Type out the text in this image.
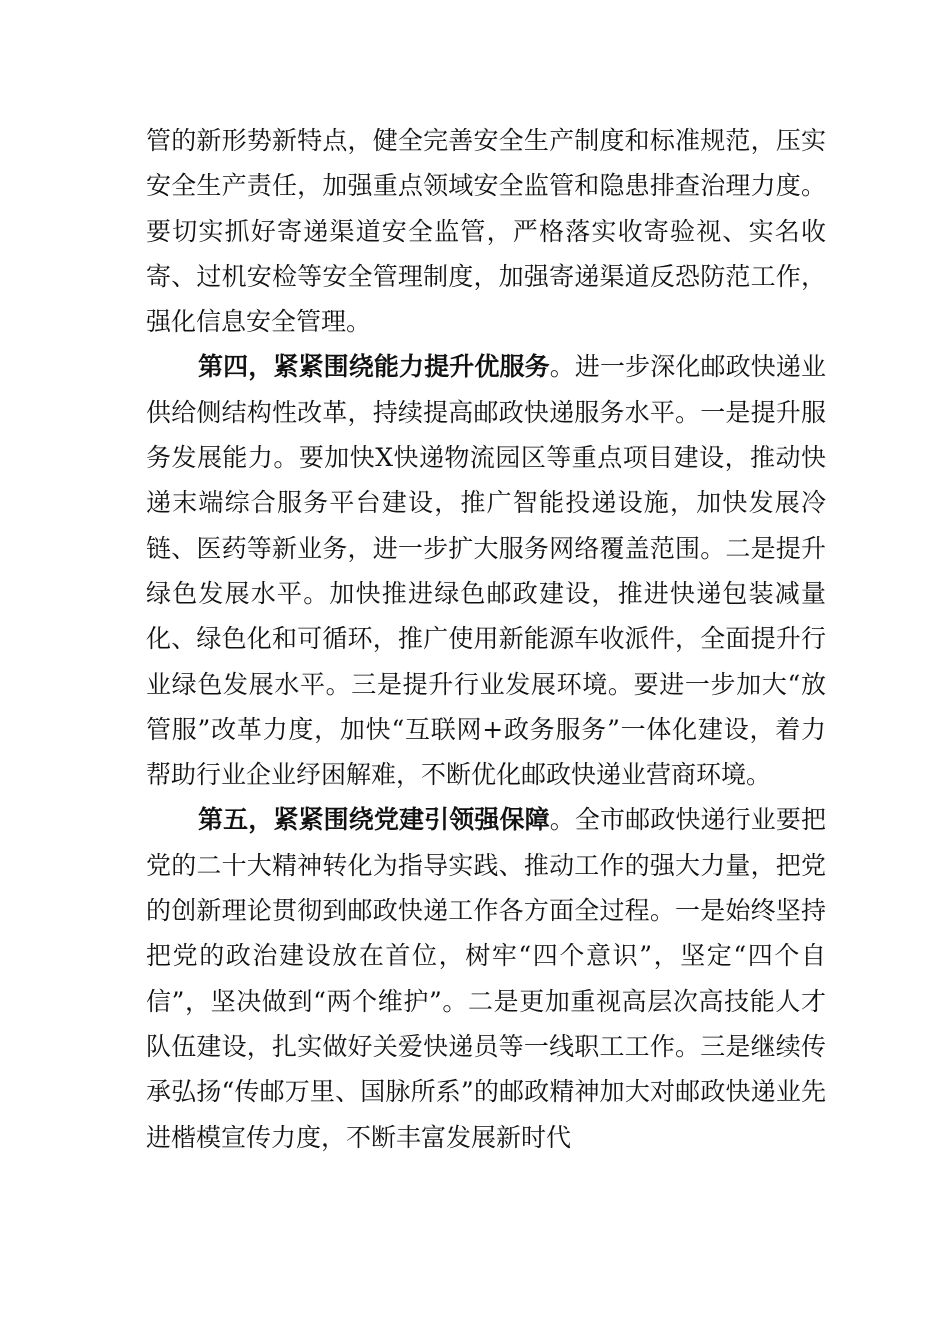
管的新形势新特点，健全完善安全生产制度和标准规范，压实安全生产责任，加强重点领域安全监管和隐患排查治理力度。要切实抓好寄递渠道安全监管，严格落实收寄验视、实名收寄、过机安检等安全管理制度，加强寄递渠道反恐防范工作，强化信息安全管理。

第四，紧紧围绕能力提升优服务。进一步深化邮政快递业供给侧结构性改革，持续提高邮政快递服务水平。一是提升服务发展能力。要加快X快递物流园区等重点项目建设，推动快递末端综合服务平台建设，推广智能投递设施，加快发展冷链、医药等新业务，进一步扩大服务网络覆盖范围。二是提升绿色发展水平。加快推进绿色邮政建设，推进快递包装减量化、绿色化和可循环，推广使用新能源车收派件，全面提升行业绿色发展水平。三是提升行业发展环境。要进一步加大“放管服”改革力度，加快“互联网+政务服务”一体化建设，着力帮助行业企业纾困解难，不断优化邮政快递业营商环境。

第五，紧紧围绕党建引领强保障。全市邮政快递行业要把党的二十大精神转化为指导实践、推动工作的强大力量，把党的创新理论贯彻到邮政快递工作各方面全过程。一是始终坚持把党的政治建设放在首位，树牢“四个意识”，坚定“四个自信”，坚决做到“两个维护”。二是更加重视高层次高技能人才队伍建设，扎实做好关爱快递员等一线职工工作。三是继续传承弘扬“传邮万里、国脉所系”的邮政精神加大对邮政快递业先进楷模宣传力度，不断丰富发展新时代
